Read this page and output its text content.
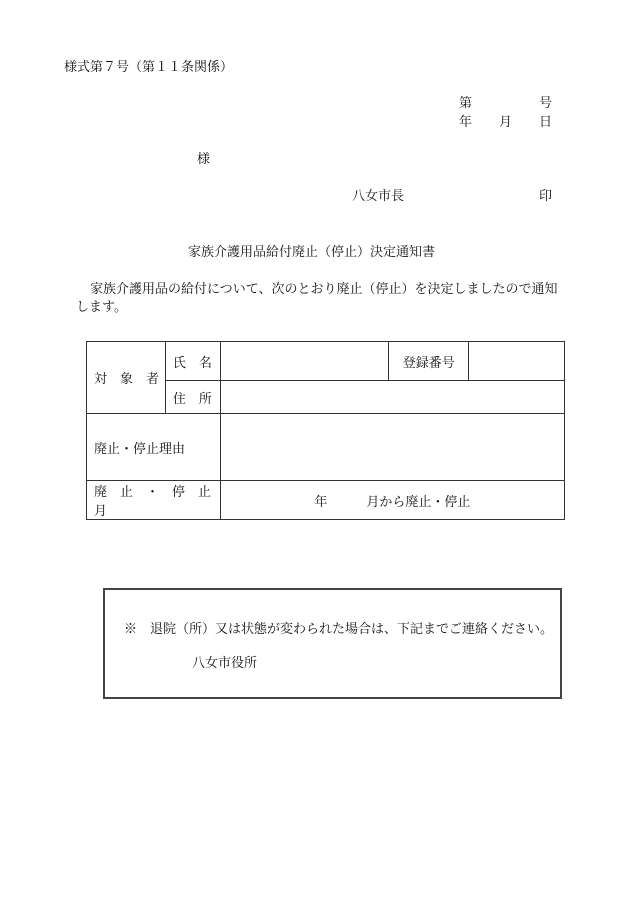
様式第７号（第１１条関係）
第	号
年 月 日
様
八女市長	印
家族介護用品給付廃止（停止）決定通知書
家族介護用品の給付について、次のとおり廃止（停止）を決定しましたので通知
します。
対　象　者	氏　名		登録番号	
	住　所			
廃止・停止理由				
廃　止　・　停　止　月		年　　　月から廃止・停止		
※　退院（所）又は状態が変わられた場合は、下記までご連絡ください。
八女市役所
